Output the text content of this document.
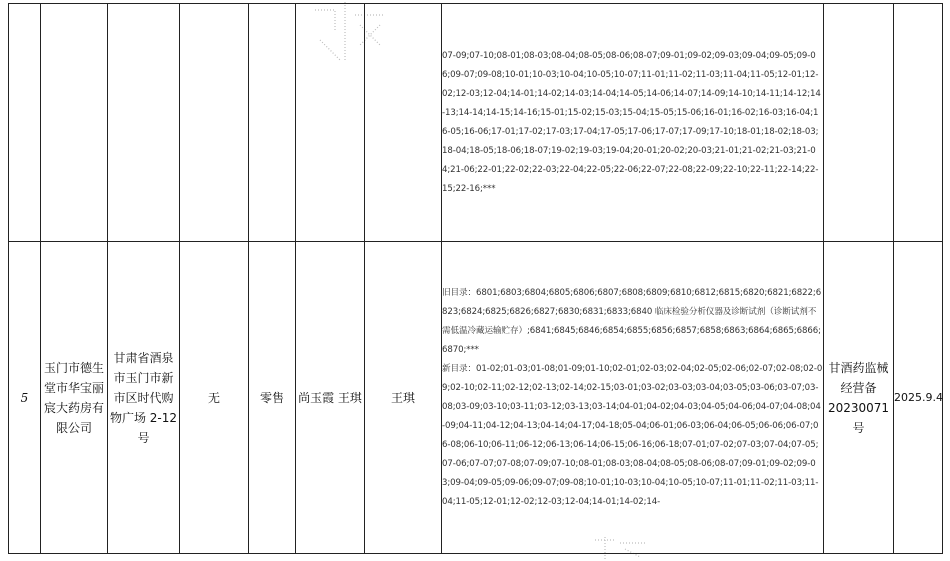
							07-09;07-10;08-01;08-03;08-04;08-05;08-06;08-07;09-01;09-02;09-03;09-04;09-05;09-06;09-07;09-08;10-01;10-03;10-04;10-05;10-07;11-01;11-02;11-03;11-04;11-05;12-01;12-02;12-03;12-04;14-01;14-02;14-03;14-04;14-05;14-06;14-07;14-09;14-10;14-11;14-12;14-13;14-14;14-15;14-16;15-01;15-02;15-03;15-04;15-05;15-06;16-01;16-02;16-03;16-04;16-05;16-06;17-01;17-02;17-03;17-04;17-05;17-06;17-07;17-09;17-10;18-01;18-02;18-03;18-04;18-05;18-06;18-07;19-02;19-03;19-04;20-01;20-02;20-03;21-01;21-02;21-03;21-04;21-06;22-01;22-02;22-03;22-04;22-05;22-06;22-07;22-08;22-09;22-10;22-11;22-14;22-15;22-16;***		

5	玉门市德生堂市华宝丽宸大药房有限公司	甘肃省酒泉市玉门市新市区时代购物广场 2-12 号	无	零售	尚玉霞 王琪	王琪	旧目录：6801;6803;6804;6805;6806;6807;6808;6809;6810;6812;6815;6820;6821;6822;6823;6824;6825;6826;6827;6830;6831;6833;6840 临床检验分析仪器及诊断试剂（诊断试剂不需低温冷藏运输贮存）;6841;6845;6846;6854;6855;6856;6857;6858;6863;6864;6865;6866;6870;***
新目录：01-02;01-03;01-08;01-09;01-10;02-01;02-03;02-04;02-05;02-06;02-07;02-08;02-09;02-10;02-11;02-12;02-13;02-14;02-15;03-01;03-02;03-03;03-04;03-05;03-06;03-07;03-08;03-09;03-10;03-11;03-12;03-13;03-14;04-01;04-02;04-03;04-05;04-06;04-07;04-08;04-09;04-11;04-12;04-13;04-14;04-17;04-18;05-04;06-01;06-03;06-04;06-05;06-06;06-07;06-08;06-10;06-11;06-12;06-13;06-14;06-15;06-16;06-18;07-01;07-02;07-03;07-04;07-05;07-06;07-07;07-08;07-09;07-10;08-01;08-03;08-04;08-05;08-06;08-07;09-01;09-02;09-03;09-04;09-05;09-06;09-07;09-08;10-01;10-03;10-04;10-05;10-07;11-01;11-02;11-03;11-04;11-05;12-01;12-02;12-03;12-04;14-01;14-02;14-	甘酒药监械经营备 20230071 号	2025.9.4
